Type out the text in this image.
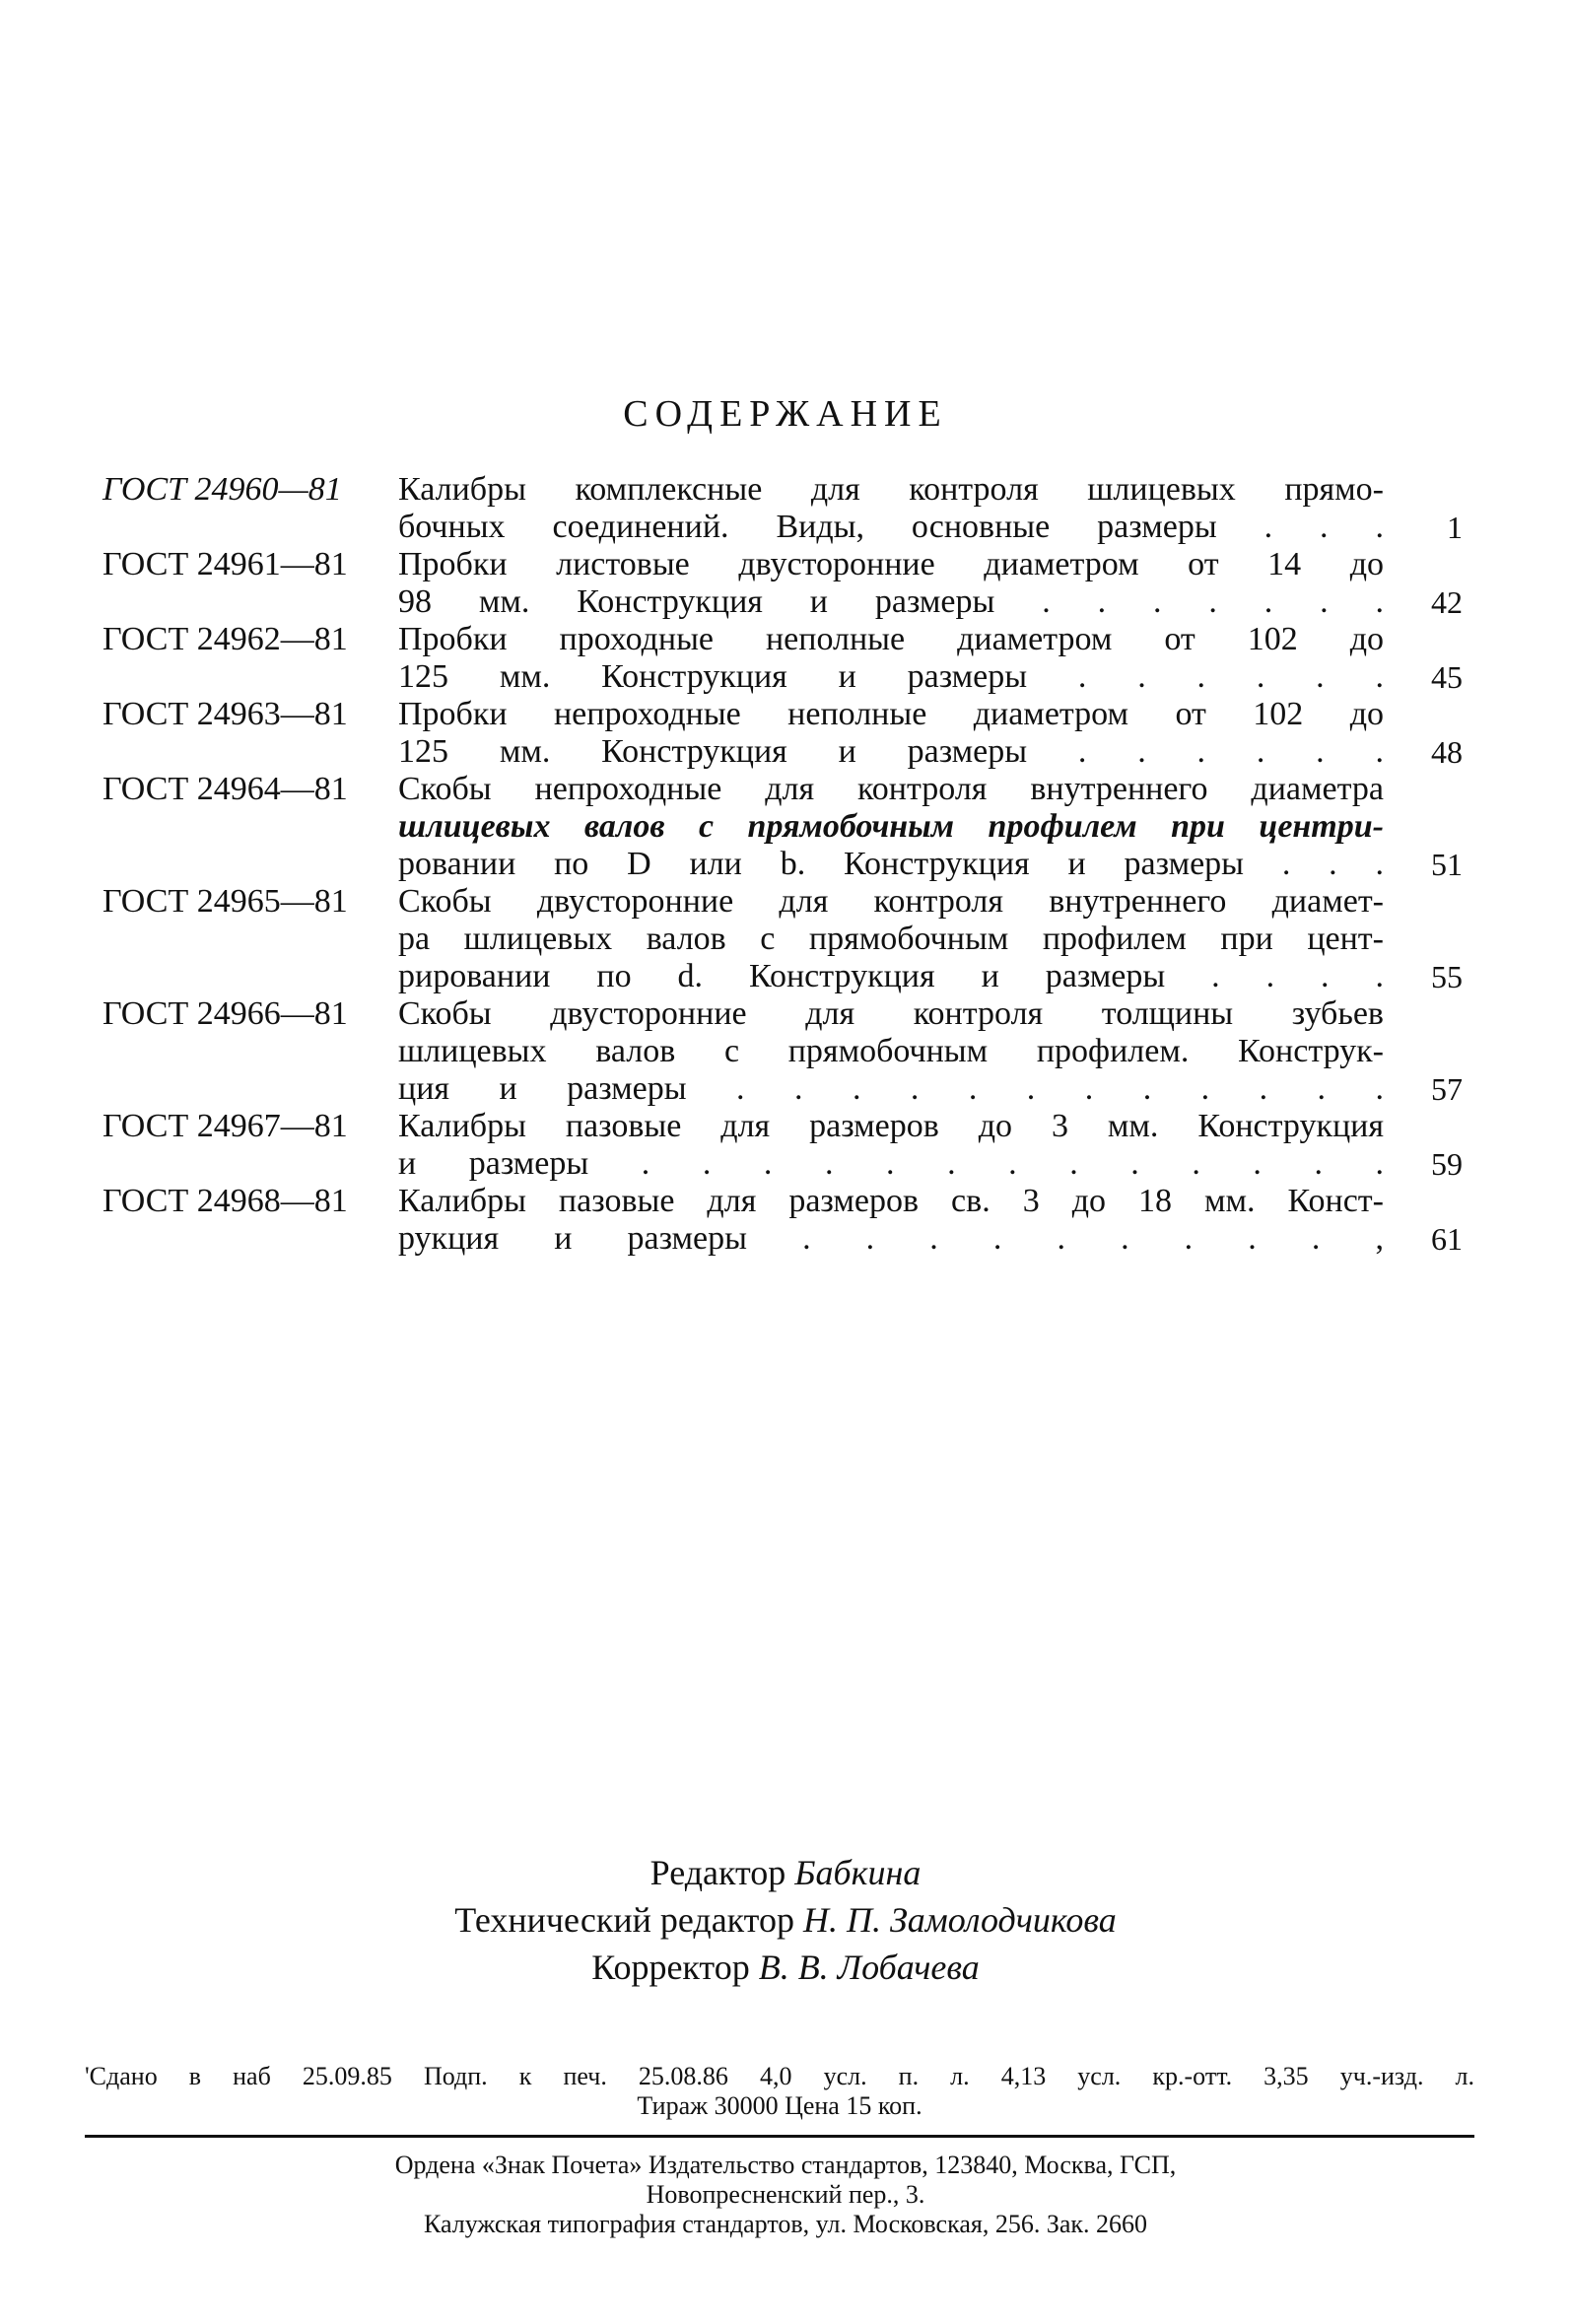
СОДЕРЖАНИЕ
ГОСТ 24960—81	Калибры комплексные для контроля шлицевых прямо-
бочных соединений. Виды, основные размеры . . .	1
ГОСТ 24961—81	Пробки листовые двусторонние диаметром от 14 до
98 мм. Конструкция и размеры . . . . . . .	42
ГОСТ 24962—81	Пробки проходные неполные диаметром от 102 до
125 мм. Конструкция и размеры . . . . . .	45
ГОСТ 24963—81	Пробки непроходные неполные диаметром от 102 до
125 мм. Конструкция и размеры . . . . . .	48
ГОСТ 24964—81	Скобы непроходные для контроля внутреннего диаметра
шлицевых валов с прямобочным профилем при центри-
ровании по D или b. Конструкция и размеры . . .	51
ГОСТ 24965—81	Скобы двусторонние для контроля внутреннего диамет-
ра шлицевых валов с прямобочным профилем при цент-
рировании по d. Конструкция и размеры . . . .	55
ГОСТ 24966—81	Скобы двусторонние для контроля толщины зубьев
шлицевых валов с прямобочным профилем. Конструк-
ция и размеры . . . . . . . . . . . .	57
ГОСТ 24967—81	Калибры пазовые для размеров до 3 мм. Конструкция
и размеры . . . . . . . . . . . . .	59
ГОСТ 24968—81	Калибры пазовые для размеров св. 3 до 18 мм. Конст-
рукция и размеры . . . . . . . . . ,	61
Редактор Бабкина
Технический редактор Н. П. Замолодчикова
Корректор В. В. Лобачева
'Сдано в наб 25.09.85 Подп. к печ. 25.08.86 4,0 усл. п. л. 4,13 усл. кр.-отт. 3,35 уч.-изд. л.
Тираж 30000 Цена 15 коп.
Ордена «Знак Почета» Издательство стандартов, 123840, Москва, ГСП,
Новопресненский пер., 3.
Калужская типография стандартов, ул. Московская, 256. Зак. 2660
